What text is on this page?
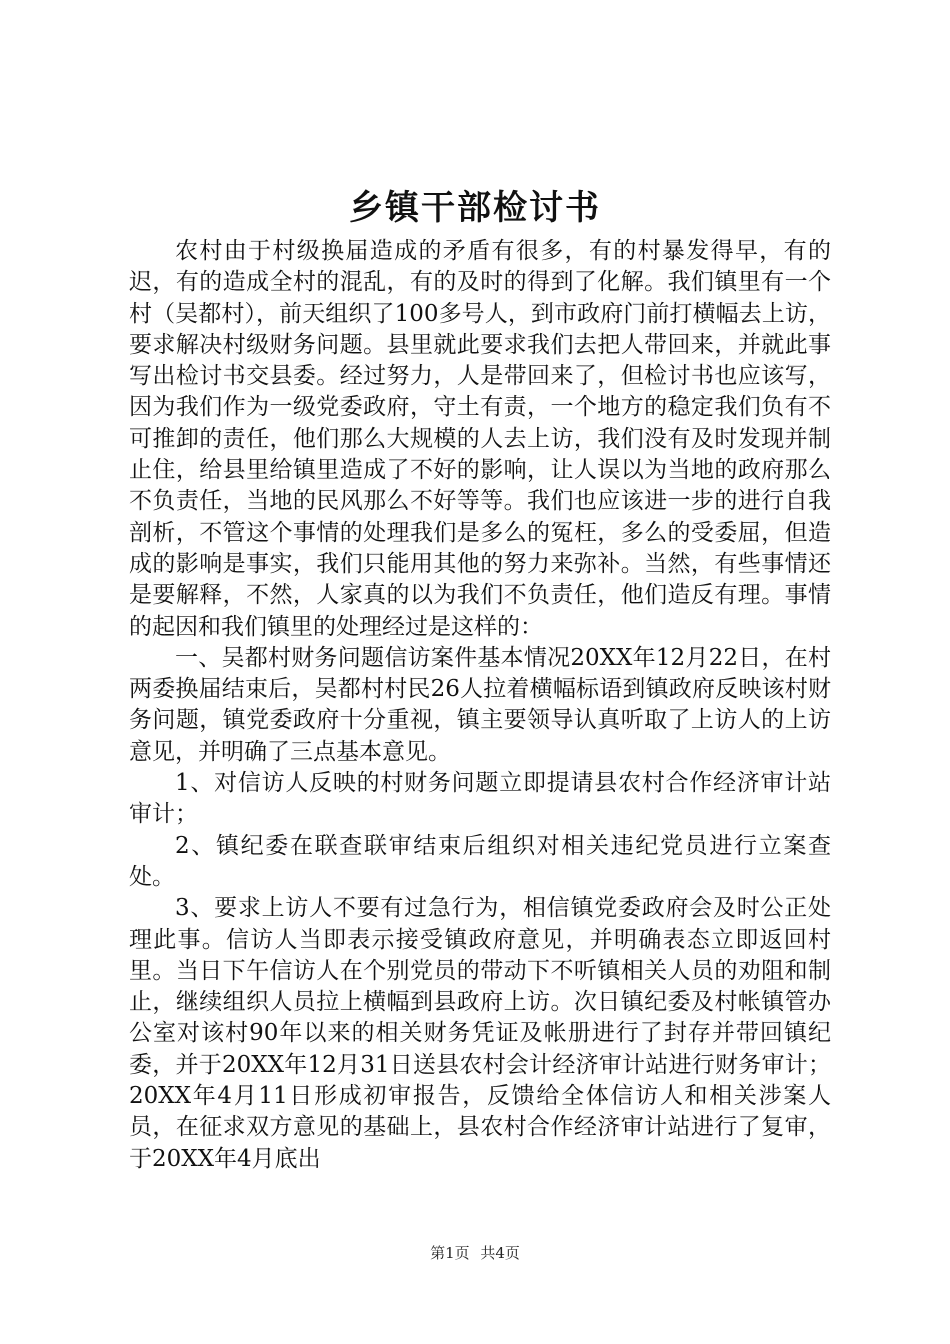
乡镇干部检讨书

农村由于村级换届造成的矛盾有很多，有的村暴发得早，有的迟，有的造成全村的混乱，有的及时的得到了化解。我们镇里有一个村（吴都村），前天组织了100多号人，到市政府门前打横幅去上访，要求解决村级财务问题。县里就此要求我们去把人带回来，并就此事写出检讨书交县委。经过努力，人是带回来了，但检讨书也应该写，因为我们作为一级党委政府，守土有责，一个地方的稳定我们负有不可推卸的责任，他们那么大规模的人去上访，我们没有及时发现并制止住，给县里给镇里造成了不好的影响，让人误以为当地的政府那么不负责任，当地的民风那么不好等等。我们也应该进一步的进行自我剖析，不管这个事情的处理我们是多么的冤枉，多么的受委屈，但造成的影响是事实，我们只能用其他的努力来弥补。当然，有些事情还是要解释，不然，人家真的以为我们不负责任，他们造反有理。事情的起因和我们镇里的处理经过是这样的：

一、吴都村财务问题信访案件基本情况20XX年12月22日，在村两委换届结束后，吴都村村民26人拉着横幅标语到镇政府反映该村财务问题，镇党委政府十分重视，镇主要领导认真听取了上访人的上访意见，并明确了三点基本意见。

1、对信访人反映的村财务问题立即提请县农村合作经济审计站审计；

2、镇纪委在联查联审结束后组织对相关违纪党员进行立案查处。

3、要求上访人不要有过急行为，相信镇党委政府会及时公正处理此事。信访人当即表示接受镇政府意见，并明确表态立即返回村里。当日下午信访人在个别党员的带动下不听镇相关人员的劝阻和制止，继续组织人员拉上横幅到县政府上访。次日镇纪委及村帐镇管办公室对该村90年以来的相关财务凭证及帐册进行了封存并带回镇纪委，并于20XX年12月31日送县农村会计经济审计站进行财务审计；20XX年4月11日形成初审报告，反馈给全体信访人和相关涉案人员，在征求双方意见的基础上，县农村合作经济审计站进行了复审，于20XX年4月底出

第1页 共4页
